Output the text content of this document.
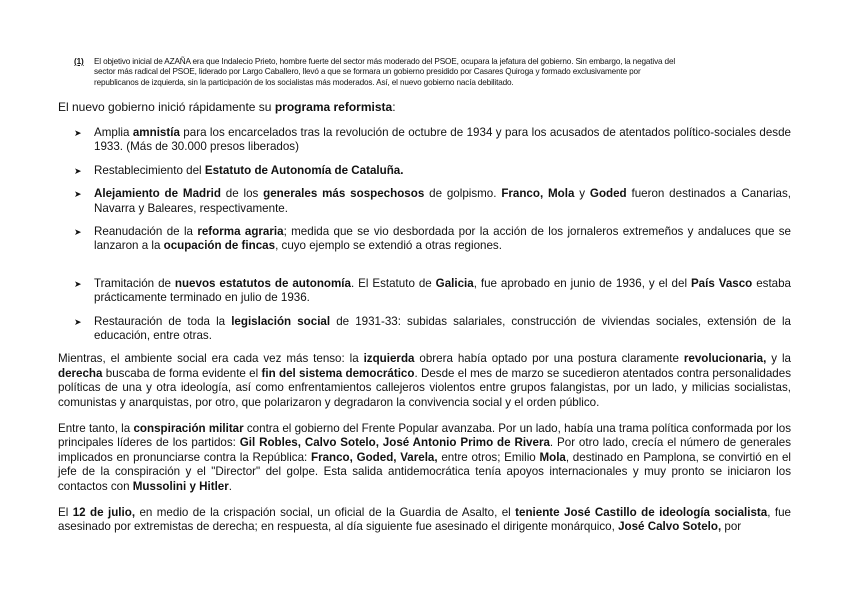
(1) El objetivo inicial de AZAÑA era que Indalecio Prieto, hombre fuerte del sector más moderado del PSOE, ocupara la jefatura del gobierno. Sin embargo, la negativa del
sector más radical del PSOE, liderado por Largo Caballero, llevó a que se formara un gobierno presidido por Casares Quiroga y formado exclusivamente por
republicanos de izquierda, sin la participación de los socialistas más moderados. Así, el nuevo gobierno nacía debilitado.
El nuevo gobierno inició rápidamente su programa reformista:
➤ Amplia amnistía para los encarcelados tras la revolución de octubre de 1934 y para los acusados de atentados político-sociales desde 1933. (Más de 30.000 presos liberados)
➤ Restablecimiento del Estatuto de Autonomía de Cataluña.
➤ Alejamiento de Madrid de los generales más sospechosos de golpismo. Franco, Mola y Goded fueron destinados a Canarias, Navarra y Baleares, respectivamente.
➤ Reanudación de la reforma agraria; medida que se vio desbordada por la acción de los jornaleros extremeños y andaluces que se lanzaron a la ocupación de fincas, cuyo ejemplo se extendió a otras regiones.
➤ Tramitación de nuevos estatutos de autonomía. El Estatuto de Galicia, fue aprobado en junio de 1936, y el del País Vasco estaba prácticamente terminado en julio de 1936.
➤ Restauración de toda la legislación social de 1931-33: subidas salariales, construcción de viviendas sociales, extensión de la educación, entre otras.

Mientras, el ambiente social era cada vez más tenso: la izquierda obrera había optado por una postura claramente revolucionaria, y la derecha buscaba de forma evidente el fin del sistema democrático. Desde el mes de marzo se sucedieron atentados contra personalidades políticas de una y otra ideología, así como enfrentamientos callejeros violentos entre grupos falangistas, por un lado, y milicias socialistas, comunistas y anarquistas, por otro, que polarizaron y degradaron la convivencia social y el orden público.

Entre tanto, la conspiración militar contra el gobierno del Frente Popular avanzaba. Por un lado, había una trama política conformada por los principales líderes de los partidos: Gil Robles, Calvo Sotelo, José Antonio Primo de Rivera. Por otro lado, crecía el número de generales implicados en pronunciarse contra la República: Franco, Goded, Varela, entre otros; Emilio Mola, destinado en Pamplona, se convirtió en el jefe de la conspiración y el "Director" del golpe. Esta salida antidemocrática tenía apoyos internacionales y muy pronto se iniciaron los contactos con Mussolini y Hitler.

El 12 de julio, en medio de la crispación social, un oficial de la Guardia de Asalto, el teniente José Castillo de ideología socialista, fue asesinado por extremistas de derecha; en respuesta, al día siguiente fue asesinado el dirigente monárquico, José Calvo Sotelo, por
